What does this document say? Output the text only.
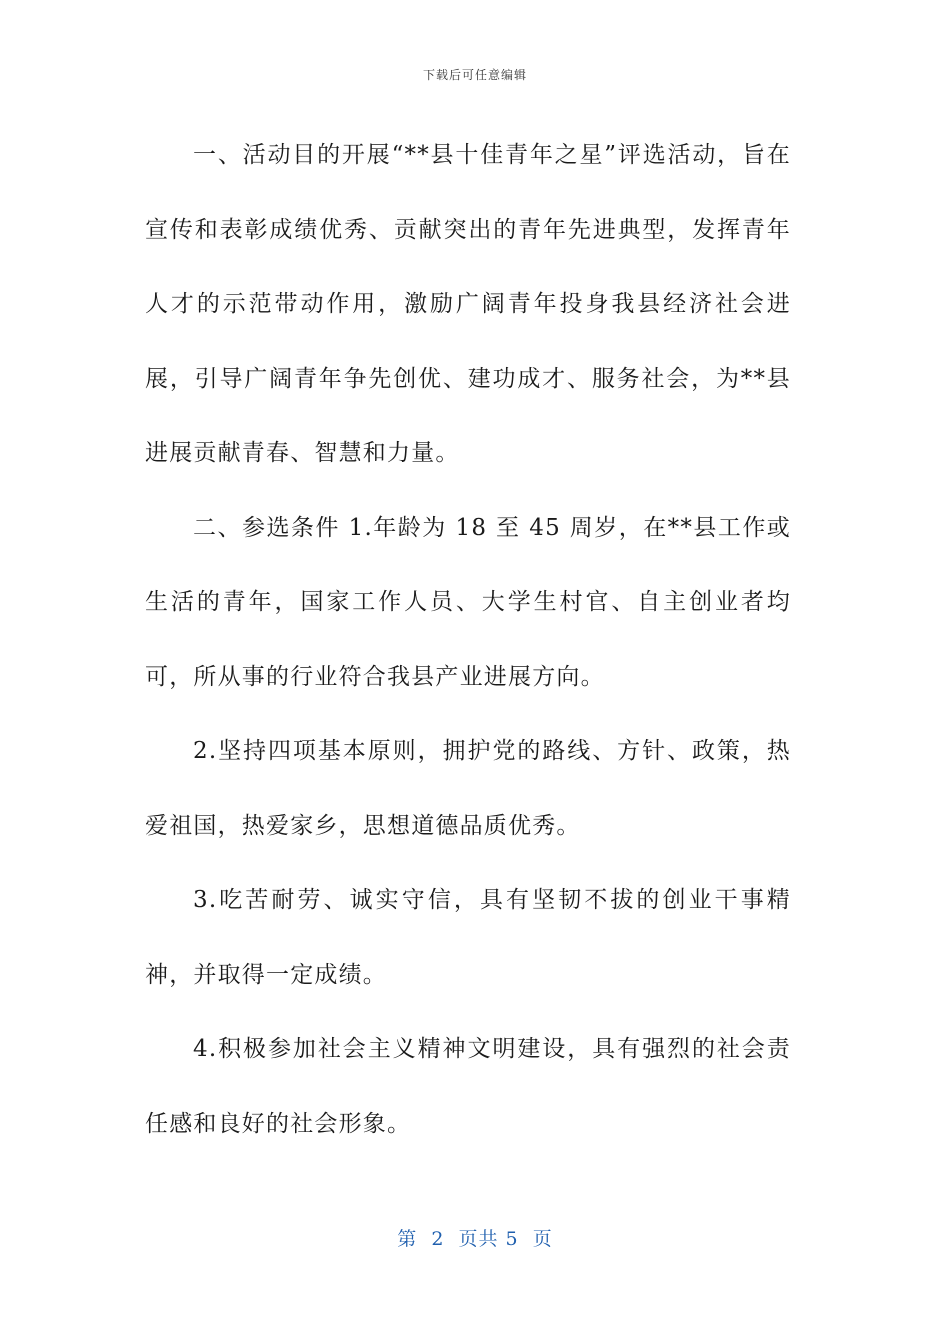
下载后可任意编辑

一、活动目的开展“**县十佳青年之星”评选活动，旨在宣传和表彰成绩优秀、贡献突出的青年先进典型，发挥青年人才的示范带动作用，激励广阔青年投身我县经济社会进展，引导广阔青年争先创优、建功成才、服务社会，为**县进展贡献青春、智慧和力量。

二、参选条件 1.年龄为 18 至 45 周岁，在**县工作或生活的青年，国家工作人员、大学生村官、自主创业者均可，所从事的行业符合我县产业进展方向。

2.坚持四项基本原则，拥护党的路线、方针、政策，热爱祖国，热爱家乡，思想道德品质优秀。

3.吃苦耐劳、诚实守信，具有坚韧不拔的创业干事精神，并取得一定成绩。

4.积极参加社会主义精神文明建设，具有强烈的社会责任感和良好的社会形象。

第  2  页共 5  页
